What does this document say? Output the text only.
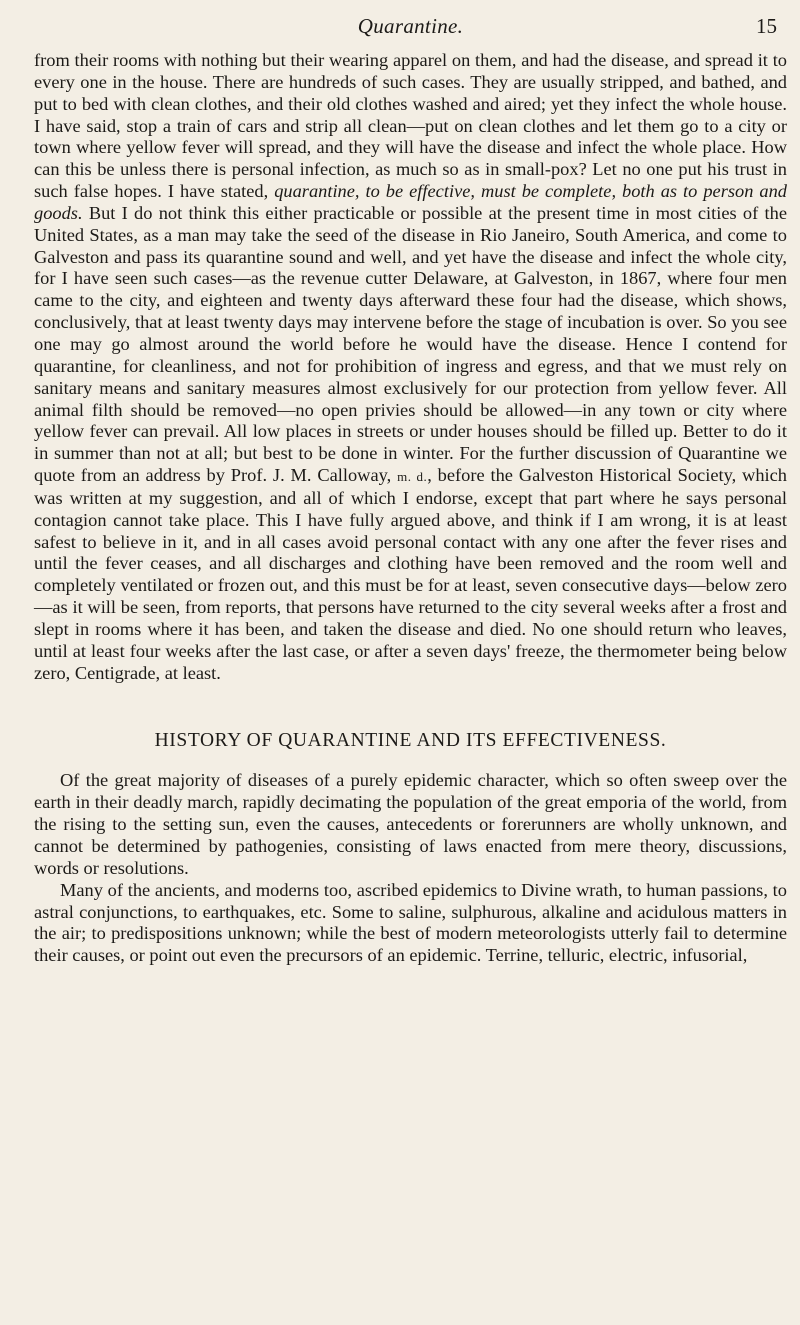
Quarantine.	15

from their rooms with nothing but their wearing apparel on them, and had the disease, and spread it to every one in the house. There are hundreds of such cases. They are usually stripped, and bathed, and put to bed with clean clothes, and their old clothes washed and aired; yet they infect the whole house. I have said, stop a train of cars and strip all clean—put on clean clothes and let them go to a city or town where yellow fever will spread, and they will have the disease and infect the whole place. How can this be unless there is personal infection, as much so as in small-pox? Let no one put his trust in such false hopes. I have stated, quarantine, to be effective, must be complete, both as to person and goods. But I do not think this either practicable or possible at the present time in most cities of the United States, as a man may take the seed of the disease in Rio Janeiro, South America, and come to Galveston and pass its quarantine sound and well, and yet have the disease and infect the whole city, for I have seen such cases—as the revenue cutter Delaware, at Galveston, in 1867, where four men came to the city, and eighteen and twenty days afterward these four had the disease, which shows, conclusively, that at least twenty days may intervene before the stage of incubation is over. So you see one may go almost around the world before he would have the disease. Hence I contend for quarantine, for cleanliness, and not for prohibition of ingress and egress, and that we must rely on sanitary means and sanitary measures almost exclusively for our protection from yellow fever. All animal filth should be removed—no open privies should be allowed—in any town or city where yellow fever can prevail. All low places in streets or under houses should be filled up. Better to do it in summer than not at all; but best to be done in winter. For the further discussion of Quarantine we quote from an address by Prof. J. M. Calloway, m. d., before the Galveston Historical Society, which was written at my suggestion, and all of which I endorse, except that part where he says personal contagion cannot take place. This I have fully argued above, and think if I am wrong, it is at least safest to believe in it, and in all cases avoid personal contact with any one after the fever rises and until the fever ceases, and all discharges and clothing have been removed and the room well and completely ventilated or frozen out, and this must be for at least, seven consecutive days—below zero—as it will be seen, from reports, that persons have returned to the city several weeks after a frost and slept in rooms where it has been, and taken the disease and died. No one should return who leaves, until at least four weeks after the last case, or after a seven days' freeze, the thermometer being below zero, Centigrade, at least.

HISTORY OF QUARANTINE AND ITS EFFECTIVENESS.

Of the great majority of diseases of a purely epidemic character, which so often sweep over the earth in their deadly march, rapidly decimating the population of the great emporia of the world, from the rising to the setting sun, even the causes, antecedents or forerunners are wholly unknown, and cannot be determined by pathogenies, consisting of laws enacted from mere theory, discussions, words or resolutions.

Many of the ancients, and moderns too, ascribed epidemics to Divine wrath, to human passions, to astral conjunctions, to earthquakes, etc. Some to saline, sulphurous, alkaline and acidulous matters in the air; to predispositions unknown; while the best of modern meteorologists utterly fail to determine their causes, or point out even the precursors of an epidemic. Terrine, telluric, electric, infusorial,
